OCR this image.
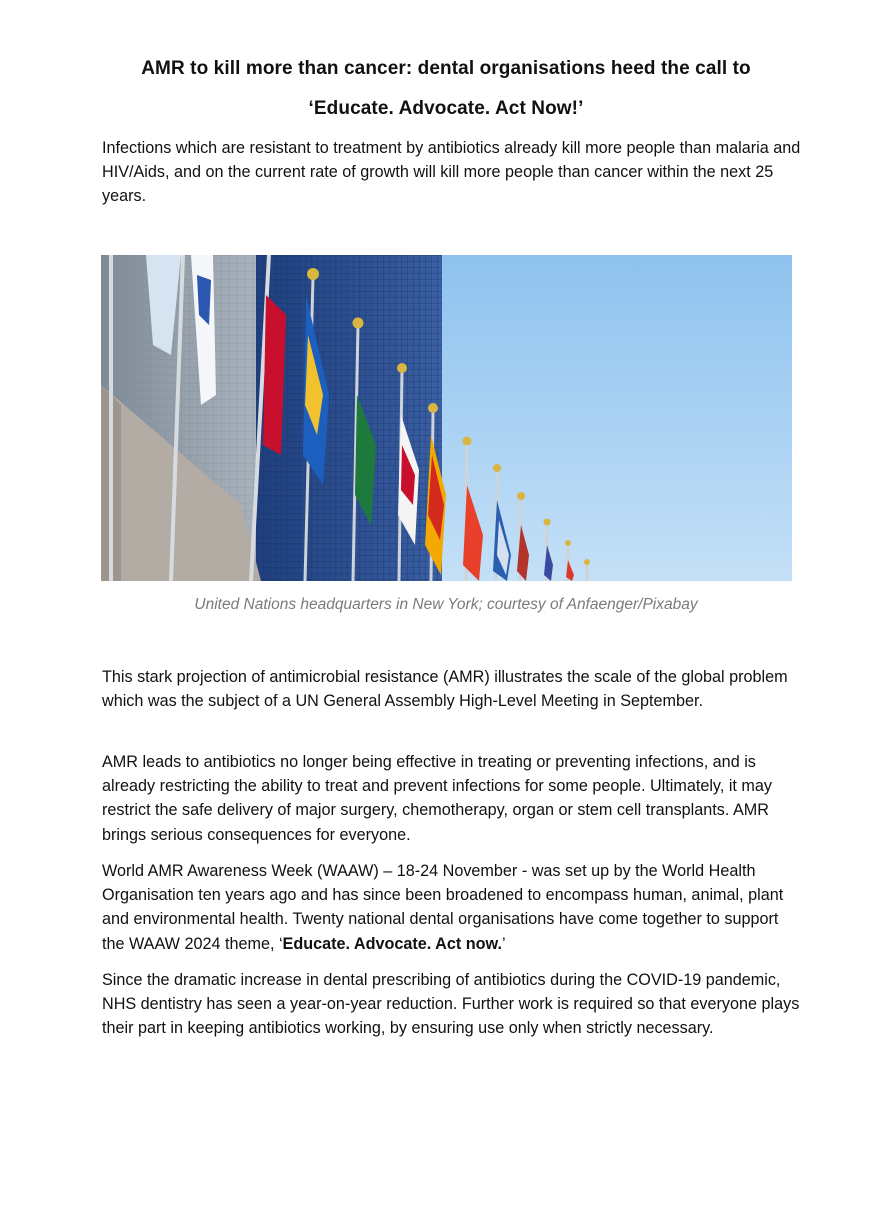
AMR to kill more than cancer: dental organisations heed the call to
‘Educate. Advocate. Act Now!’

Infections which are resistant to treatment by antibiotics already kill more people than malaria and HIV/Aids, and on the current rate of growth will kill more people than cancer within the next 25 years.

United Nations headquarters in New York; courtesy of Anfaenger/Pixabay

This stark projection of antimicrobial resistance (AMR) illustrates the scale of the global problem which was the subject of a UN General Assembly High-Level Meeting in September.

AMR leads to antibiotics no longer being effective in treating or preventing infections, and is already restricting the ability to treat and prevent infections for some people. Ultimately, it may restrict the safe delivery of major surgery, chemotherapy, organ or stem cell transplants. AMR brings serious consequences for everyone.

World AMR Awareness Week (WAAW) – 18-24 November - was set up by the World Health Organisation ten years ago and has since been broadened to encompass human, animal, plant and environmental health. Twenty national dental organisations have come together to support the WAAW 2024 theme, ‘Educate. Advocate. Act now.’

Since the dramatic increase in dental prescribing of antibiotics during the COVID-19 pandemic, NHS dentistry has seen a year-on-year reduction. Further work is required so that everyone plays their part in keeping antibiotics working, by ensuring use only when strictly necessary.
